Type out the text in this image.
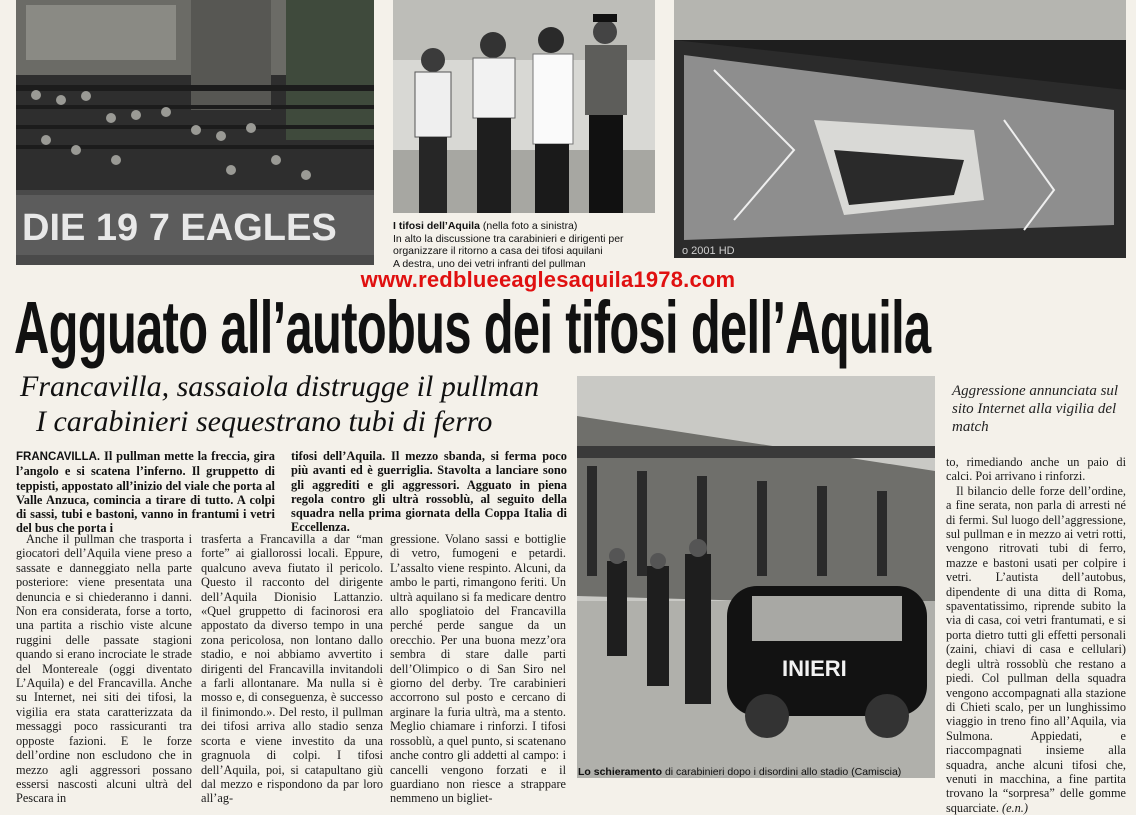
DIE 19 7 EAGLES	I tifosi dell’Aquila (nella foto a sinistra)
In alto la discussione tra carabinieri e dirigenti per organizzare il ritorno a casa dei tifosi aquilani
A destra, uno dei vetri infranti del pullman
o 2001 HD
www.redblueeaglesaquila1978.com
Agguato all’autobus dei tifosi dell’Aquila
Francavilla, sassaiola distrugge il pullman
I carabinieri sequestrano tubi di ferro
Aggressione annunciata sul sito Internet alla vigilia del match
INIERI
Lo schieramento di carabinieri dopo i disordini allo stadio (Camiscia)
FRANCAVILLA. Il pullman mette la freccia, gira l’angolo e si scatena l’inferno. Il gruppetto di teppisti, appostato all’inizio del viale che porta al Valle Anzuca, comincia a tirare di tutto. A colpi di sassi, tubi e bastoni, vanno in frantumi i vetri del bus che porta i
tifosi dell’Aquila. Il mezzo sbanda, si ferma poco più avanti ed è guerriglia. Stavolta a lanciare sono gli aggrediti e gli aggressori. Agguato in piena regola contro gli ultrà rossoblù, al seguito della squadra nella prima giornata della Coppa Italia di Eccellenza.

Anche il pullman che trasporta i giocatori dell’Aquila viene preso a sassate e danneggiato nella parte posteriore: viene presentata una denuncia e si chiederanno i danni. Non era considerata, forse a torto, una partita a rischio viste alcune ruggini delle passate stagioni quando si erano incrociate le strade del Montereale (oggi diventato L’Aquila) e del Francavilla. Anche su Internet, nei siti dei tifosi, la vigilia era stata caratterizzata da messaggi poco rassicuranti tra opposte fazioni. E le forze dell’ordine non escludono che in mezzo agli aggressori possano essersi nascosti alcuni ultrà del Pescara in

trasferta a Francavilla a dar “man forte” ai giallorossi locali. Eppure, qualcuno aveva fiutato il pericolo. Questo il racconto del dirigente dell’Aquila Dionisio Lattanzio. «Quel gruppetto di facinorosi era appostato da diverso tempo in una zona pericolosa, non lontano dallo stadio, e noi abbiamo avvertito i dirigenti del Francavilla invitandoli a farli allontanare. Ma nulla si è mosso e, di conseguenza, è successo il finimondo.». Del resto, il pullman dei tifosi arriva allo stadio senza scorta e viene investito da una gragnuola di colpi. I tifosi dell’Aquila, poi, si catapultano giù dal mezzo e rispondono da par loro all’ag-

gressione. Volano sassi e bottiglie di vetro, fumogeni e petardi. L’assalto viene respinto. Alcuni, da ambo le parti, rimangono feriti. Un ultrà aquilano si fa medicare dentro allo spogliatoio del Francavilla perché perde sangue da un orecchio. Per una buona mezz’ora sembra di stare dalle parti dell’Olimpico o di San Siro nel giorno del derby. Tre carabinieri accorrono sul posto e cercano di arginare la furia ultrà, ma a stento. Meglio chiamare i rinforzi. I tifosi rossoblù, a quel punto, si scatenano anche contro gli addetti al campo: i cancelli vengono forzati e il guardiano non riesce a strappare nemmeno un bigliet-

to, rimediando anche un paio di calci. Poi arrivano i rinforzi.

Il bilancio delle forze dell’ordine, a fine serata, non parla di arresti né di fermi. Sul luogo dell’aggressione, sul pullman e in mezzo ai vetri rotti, vengono ritrovati tubi di ferro, mazze e bastoni usati per colpire i vetri. L’autista dell’autobus, dipendente di una ditta di Roma, spaventatissimo, riprende subito la via di casa, coi vetri frantumati, e si porta dietro tutti gli effetti personali (zaini, chiavi di casa e cellulari) degli ultrà rossoblù che restano a piedi. Col pullman della squadra vengono accompagnati alla stazione di Chieti scalo, per un lunghissimo viaggio in treno fino all’Aquila, via Sulmona. Appiedati, e riaccompagnati insieme alla squadra, anche alcuni tifosi che, venuti in macchina, a fine partita trovano la “sorpresa” delle gomme squarciate. (e.n.)
